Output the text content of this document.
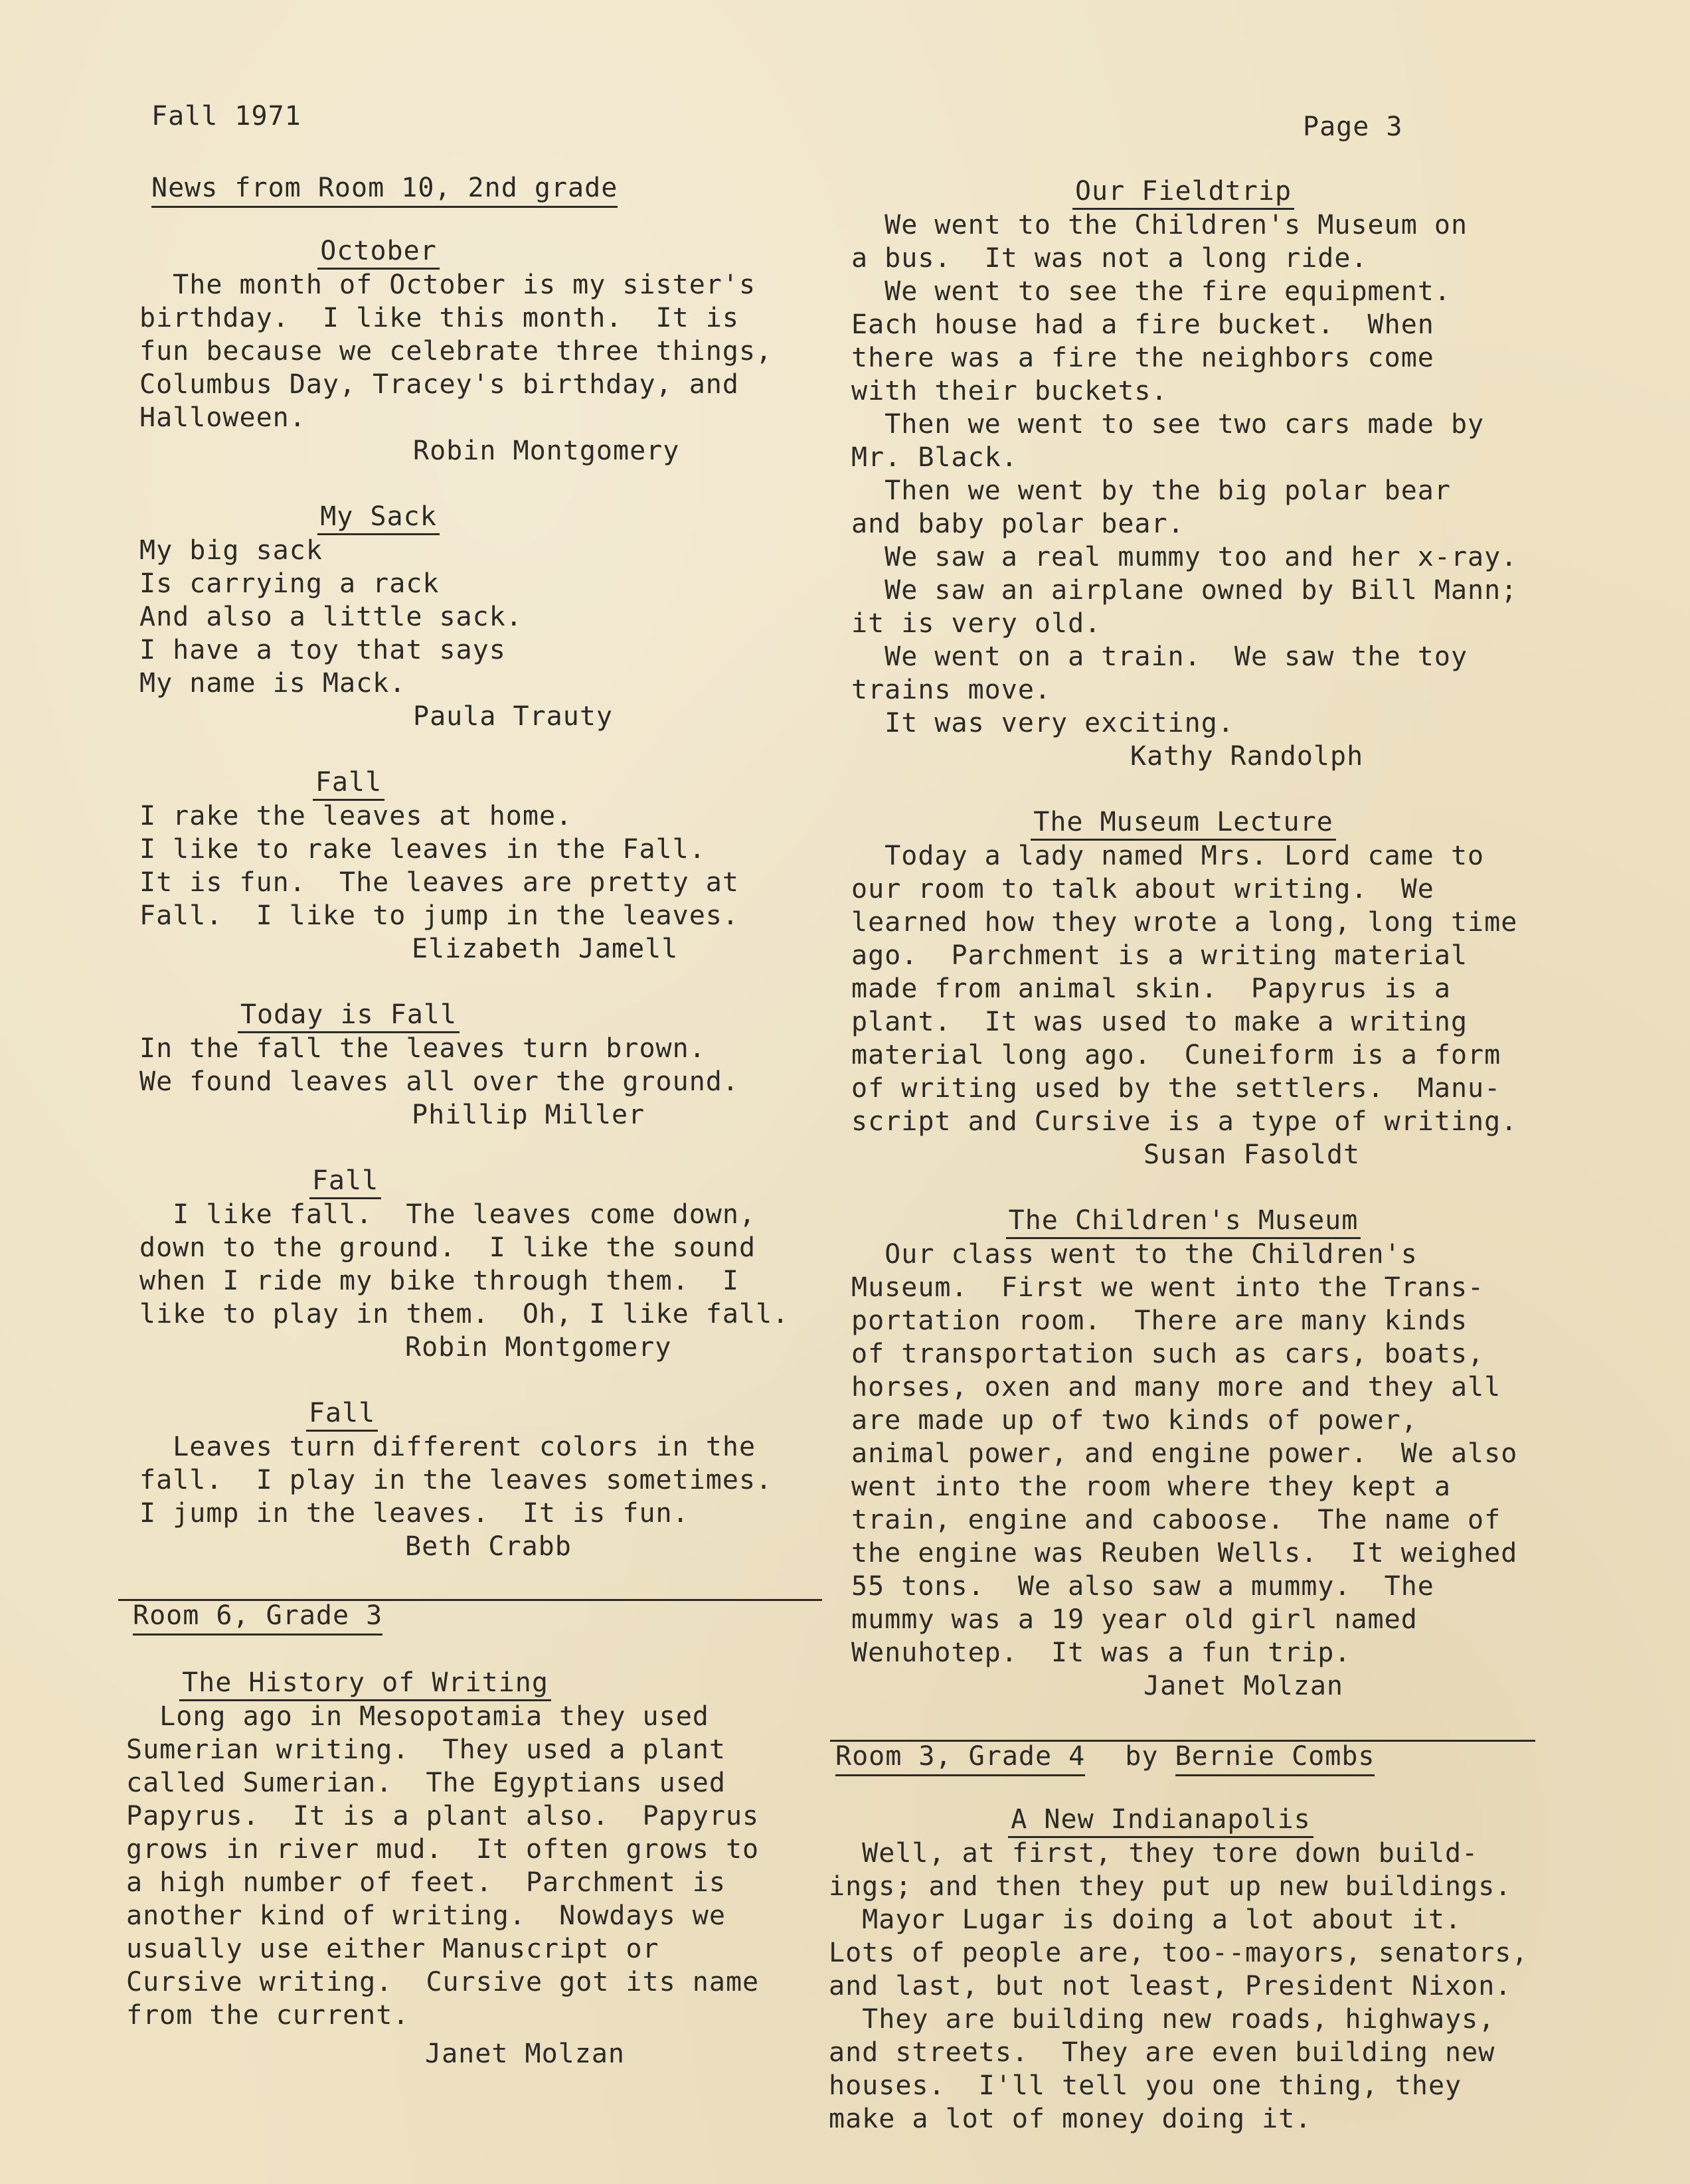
Fall 1971	Page 3
News from Room 10, 2nd grade
October
The month of October is my sister's
birthday.  I like this month.  It is
fun because we celebrate three things,
Columbus Day, Tracey's birthday, and
Halloween.
Robin Montgomery
My Sack
My big sack
Is carrying a rack
And also a little sack.
I have a toy that says
My name is Mack.
Paula Trauty
Fall
I rake the leaves at home.
I like to rake leaves in the Fall.
It is fun.  The leaves are pretty at
Fall.  I like to jump in the leaves.
Elizabeth Jamell
Today is Fall
In the fall the leaves turn brown.
We found leaves all over the ground.
Phillip Miller
Fall
I like fall.  The leaves come down,
down to the ground.  I like the sound
when I ride my bike through them.  I
like to play in them.  Oh, I like fall.
Robin Montgomery
Fall
Leaves turn different colors in the
fall.  I play in the leaves sometimes.
I jump in the leaves.  It is fun.
Beth Crabb
Room 6, Grade 3
The History of Writing
Long ago in Mesopotamia they used
Sumerian writing.  They used a plant
called Sumerian.  The Egyptians used
Papyrus.  It is a plant also.  Papyrus
grows in river mud.  It often grows to
a high number of feet.  Parchment is
another kind of writing.  Nowdays we
usually use either Manuscript or
Cursive writing.  Cursive got its name
from the current.
Janet Molzan
Our Fieldtrip
We went to the Children's Museum on
a bus.  It was not a long ride.
We went to see the fire equipment.
Each house had a fire bucket.  When
there was a fire the neighbors come
with their buckets.
Then we went to see two cars made by
Mr. Black.
Then we went by the big polar bear
and baby polar bear.
We saw a real mummy too and her x-ray.
We saw an airplane owned by Bill Mann;
it is very old.
We went on a train.  We saw the toy
trains move.
It was very exciting.
Kathy Randolph
The Museum Lecture
Today a lady named Mrs. Lord came to
our room to talk about writing.  We
learned how they wrote a long, long time
ago.  Parchment is a writing material
made from animal skin.  Papyrus is a
plant.  It was used to make a writing
material long ago.  Cuneiform is a form
of writing used by the settlers.  Manu-
script and Cursive is a type of writing.
Susan Fasoldt
The Children's Museum
Our class went to the Children's
Museum.  First we went into the Trans-
portation room.  There are many kinds
of transportation such as cars, boats,
horses, oxen and many more and they all
are made up of two kinds of power,
animal power, and engine power.  We also
went into the room where they kept a
train, engine and caboose.  The name of
the engine was Reuben Wells.  It weighed
55 tons.  We also saw a mummy.  The
mummy was a 19 year old girl named
Wenuhotep.  It was a fun trip.
Janet Molzan
Room 3, Grade 4 by Bernie Combs
A New Indianapolis
Well, at first, they tore down build-
ings; and then they put up new buildings.
Mayor Lugar is doing a lot about it.
Lots of people are, too--mayors, senators,
and last, but not least, President Nixon.
They are building new roads, highways,
and streets.  They are even building new
houses.  I'll tell you one thing, they
make a lot of money doing it.
